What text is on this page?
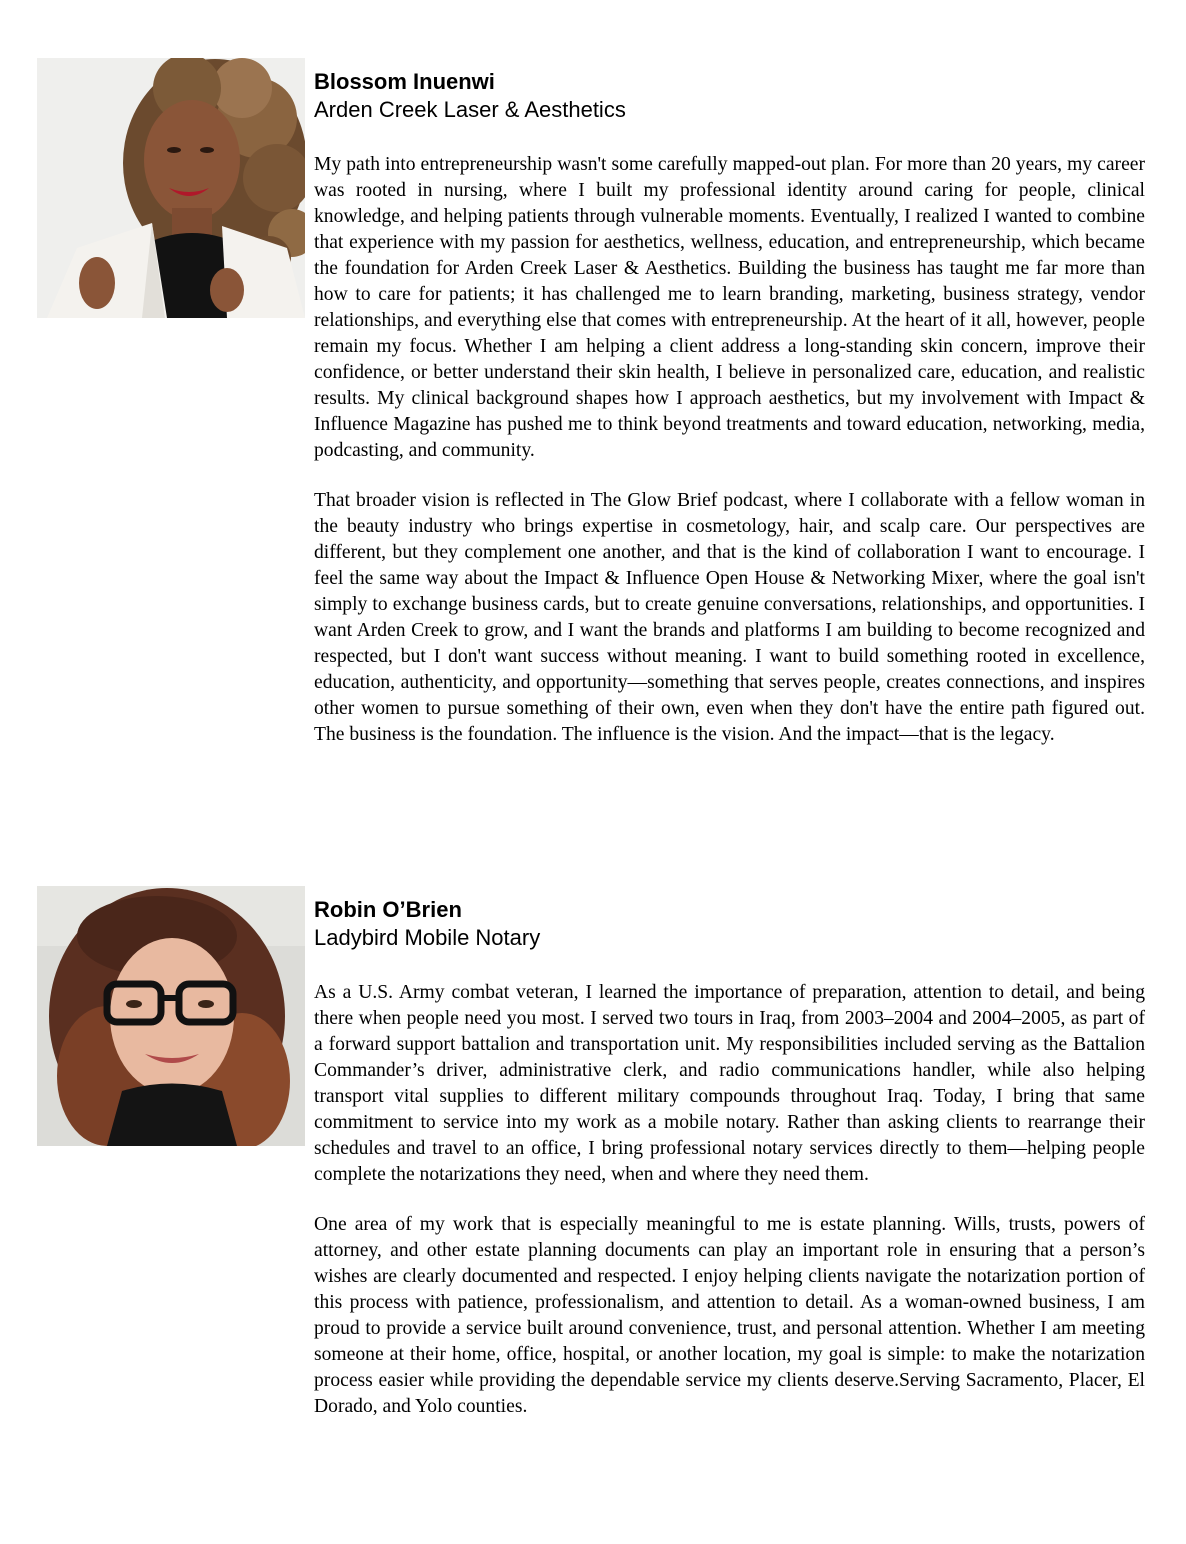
Blossom Inuenwi
Arden Creek Laser & Aesthetics

My path into entrepreneurship wasn't some carefully mapped-out plan. For more than 20 years, my career was rooted in nursing, where I built my professional identity around caring for people, clinical knowledge, and helping patients through vulnerable moments. Eventually, I realized I wanted to combine that experience with my passion for aesthetics, wellness, education, and entrepreneurship, which became the foundation for Arden Creek Laser & Aesthetics. Building the business has taught me far more than how to care for patients; it has challenged me to learn branding, marketing, business strategy, vendor relationships, and everything else that comes with entrepreneurship. At the heart of it all, however, people remain my focus. Whether I am helping a client address a long-standing skin concern, improve their confidence, or better understand their skin health, I believe in personalized care, education, and realistic results. My clinical background shapes how I approach aesthetics, but my involvement with Impact & Influence Magazine has pushed me to think beyond treatments and toward education, networking, media, podcasting, and community.

That broader vision is reflected in The Glow Brief podcast, where I collaborate with a fellow woman in the beauty industry who brings expertise in cosmetology, hair, and scalp care. Our perspectives are different, but they complement one another, and that is the kind of collaboration I want to encourage. I feel the same way about the Impact & Influence Open House & Networking Mixer, where the goal isn't simply to exchange business cards, but to create genuine conversations, relationships, and opportunities. I want Arden Creek to grow, and I want the brands and platforms I am building to become recognized and respected, but I don't want success without meaning. I want to build something rooted in excellence, education, authenticity, and opportunity—something that serves people, creates connections, and inspires other women to pursue something of their own, even when they don't have the entire path figured out. The business is the foundation. The influence is the vision. And the impact—that is the legacy.

Robin O’Brien
Ladybird Mobile Notary

As a U.S. Army combat veteran, I learned the importance of preparation, attention to detail, and being there when people need you most. I served two tours in Iraq, from 2003–2004 and 2004–2005, as part of a forward support battalion and transportation unit. My responsibilities included serving as the Battalion Commander’s driver, administrative clerk, and radio communications handler, while also helping transport vital supplies to different military compounds throughout Iraq. Today, I bring that same commitment to service into my work as a mobile notary. Rather than asking clients to rearrange their schedules and travel to an office, I bring professional notary services directly to them—helping people complete the notarizations they need, when and where they need them.

One area of my work that is especially meaningful to me is estate planning. Wills, trusts, powers of attorney, and other estate planning documents can play an important role in ensuring that a person’s wishes are clearly documented and respected. I enjoy helping clients navigate the notarization portion of this process with patience, professionalism, and attention to detail. As a woman-owned business, I am proud to provide a service built around convenience, trust, and personal attention. Whether I am meeting someone at their home, office, hospital, or another location, my goal is simple: to make the notarization process easier while providing the dependable service my clients deserve.Serving Sacramento, Placer, El Dorado, and Yolo counties.
